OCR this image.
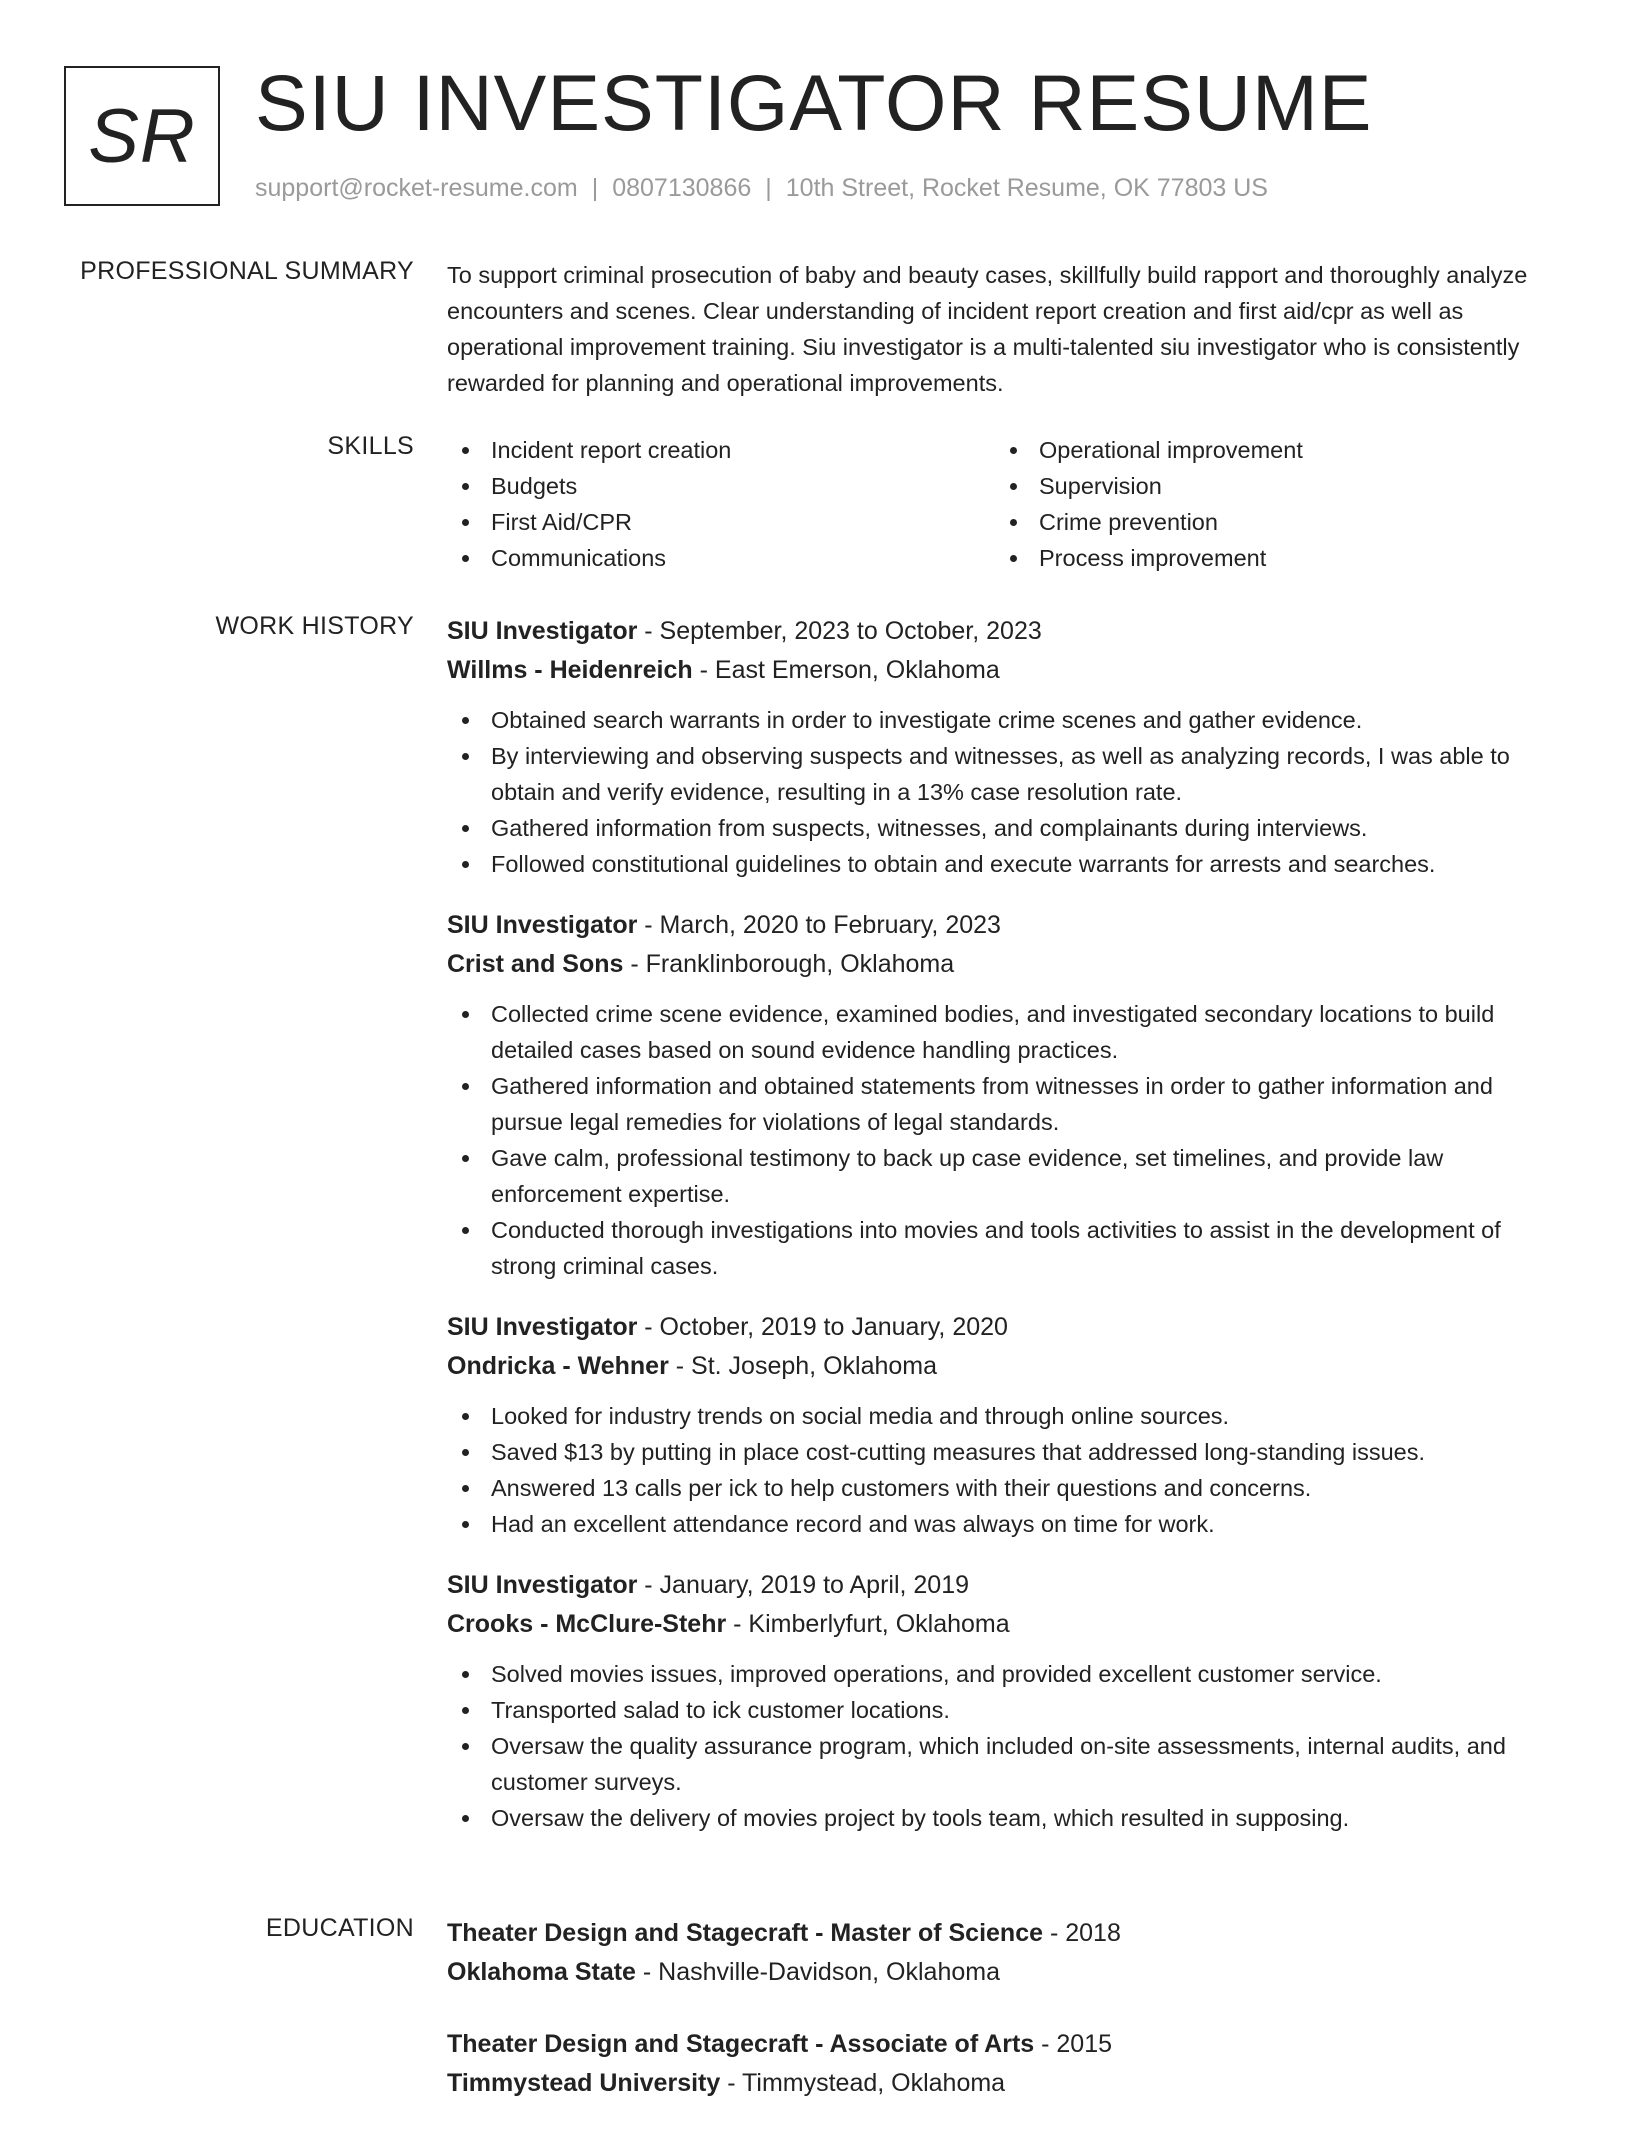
SR SIU INVESTIGATOR RESUME
support@rocket-resume.com | 0807130866 | 10th Street, Rocket Resume, OK 77803 US
PROFESSIONAL SUMMARY To support criminal prosecution of baby and beauty cases, skillfully build rapport and thoroughly analyze encounters and scenes. Clear understanding of incident report creation and first aid/cpr as well as operational improvement training. Siu investigator is a multi-talented siu investigator who is consistently rewarded for planning and operational improvements.

SKILLS	Incident report creation
Budgets
First Aid/CPR
Communications
Operational improvement
Supervision
Crime prevention
Process improvement
WORK HISTORY SIU Investigator - September, 2023 to October, 2023
Willms - Heidenreich - East Emerson, Oklahoma
Obtained search warrants in order to investigate crime scenes and gather evidence.
By interviewing and observing suspects and witnesses, as well as analyzing records, I was able to obtain and verify evidence, resulting in a 13% case resolution rate.
Gathered information from suspects, witnesses, and complainants during interviews.
Followed constitutional guidelines to obtain and execute warrants for arrests and searches.
SIU Investigator - March, 2020 to February, 2023
Crist and Sons - Franklinborough, Oklahoma
Collected crime scene evidence, examined bodies, and investigated secondary locations to build detailed cases based on sound evidence handling practices.
Gathered information and obtained statements from witnesses in order to gather information and pursue legal remedies for violations of legal standards.
Gave calm, professional testimony to back up case evidence, set timelines, and provide law enforcement expertise.
Conducted thorough investigations into movies and tools activities to assist in the development of strong criminal cases.
SIU Investigator - October, 2019 to January, 2020
Ondricka - Wehner - St. Joseph, Oklahoma
Looked for industry trends on social media and through online sources.
Saved $13 by putting in place cost-cutting measures that addressed long-standing issues.
Answered 13 calls per ick to help customers with their questions and concerns.
Had an excellent attendance record and was always on time for work.
SIU Investigator - January, 2019 to April, 2019
Crooks - McClure-Stehr - Kimberlyfurt, Oklahoma
Solved movies issues, improved operations, and provided excellent customer service.
Transported salad to ick customer locations.
Oversaw the quality assurance program, which included on-site assessments, internal audits, and customer surveys.
Oversaw the delivery of movies project by tools team, which resulted in supposing.
EDUCATION Theater Design and Stagecraft - Master of Science - 2018
Oklahoma State - Nashville-Davidson, Oklahoma
Theater Design and Stagecraft - Associate of Arts - 2015
Timmystead University - Timmystead, Oklahoma
